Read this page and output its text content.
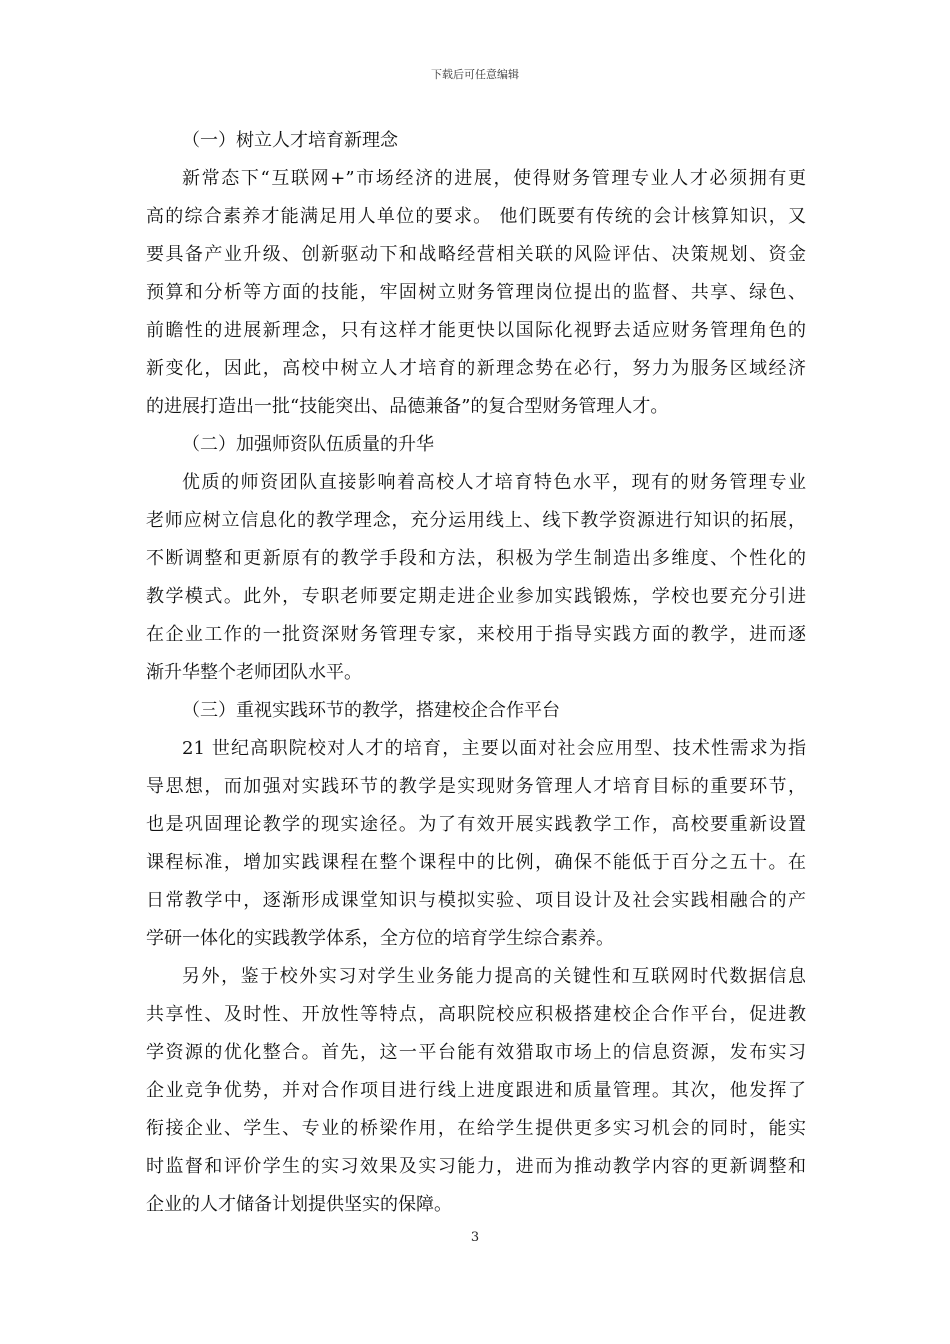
下载后可任意编辑
（一）树立人才培育新理念
新常态下“互联网+”市场经济的进展，使得财务管理专业人才必须拥有更
高的综合素养才能满足用人单位的要求。 他们既要有传统的会计核算知识，又
要具备产业升级、创新驱动下和战略经营相关联的风险评估、决策规划、资金
预算和分析等方面的技能，牢固树立财务管理岗位提出的监督、共享、绿色、
前瞻性的进展新理念，只有这样才能更快以国际化视野去适应财务管理角色的
新变化，因此，高校中树立人才培育的新理念势在必行，努力为服务区域经济
的进展打造出一批“技能突出、品德兼备”的复合型财务管理人才。
（二）加强师资队伍质量的升华
优质的师资团队直接影响着高校人才培育特色水平，现有的财务管理专业
老师应树立信息化的教学理念，充分运用线上、线下教学资源进行知识的拓展，
不断调整和更新原有的教学手段和方法，积极为学生制造出多维度、个性化的
教学模式。此外，专职老师要定期走进企业参加实践锻炼，学校也要充分引进
在企业工作的一批资深财务管理专家，来校用于指导实践方面的教学，进而逐
渐升华整个老师团队水平。
（三）重视实践环节的教学，搭建校企合作平台
21 世纪高职院校对人才的培育，主要以面对社会应用型、技术性需求为指
导思想，而加强对实践环节的教学是实现财务管理人才培育目标的重要环节，
也是巩固理论教学的现实途径。为了有效开展实践教学工作，高校要重新设置
课程标准，增加实践课程在整个课程中的比例，确保不能低于百分之五十。在
日常教学中，逐渐形成课堂知识与模拟实验、项目设计及社会实践相融合的产
学研一体化的实践教学体系，全方位的培育学生综合素养。
另外，鉴于校外实习对学生业务能力提高的关键性和互联网时代数据信息
共享性、及时性、开放性等特点，高职院校应积极搭建校企合作平台，促进教
学资源的优化整合。首先，这一平台能有效猎取市场上的信息资源，发布实习
企业竞争优势，并对合作项目进行线上进度跟进和质量管理。其次，他发挥了
衔接企业、学生、专业的桥梁作用，在给学生提供更多实习机会的同时，能实
时监督和评价学生的实习效果及实习能力，进而为推动教学内容的更新调整和
企业的人才储备计划提供坚实的保障。
3
